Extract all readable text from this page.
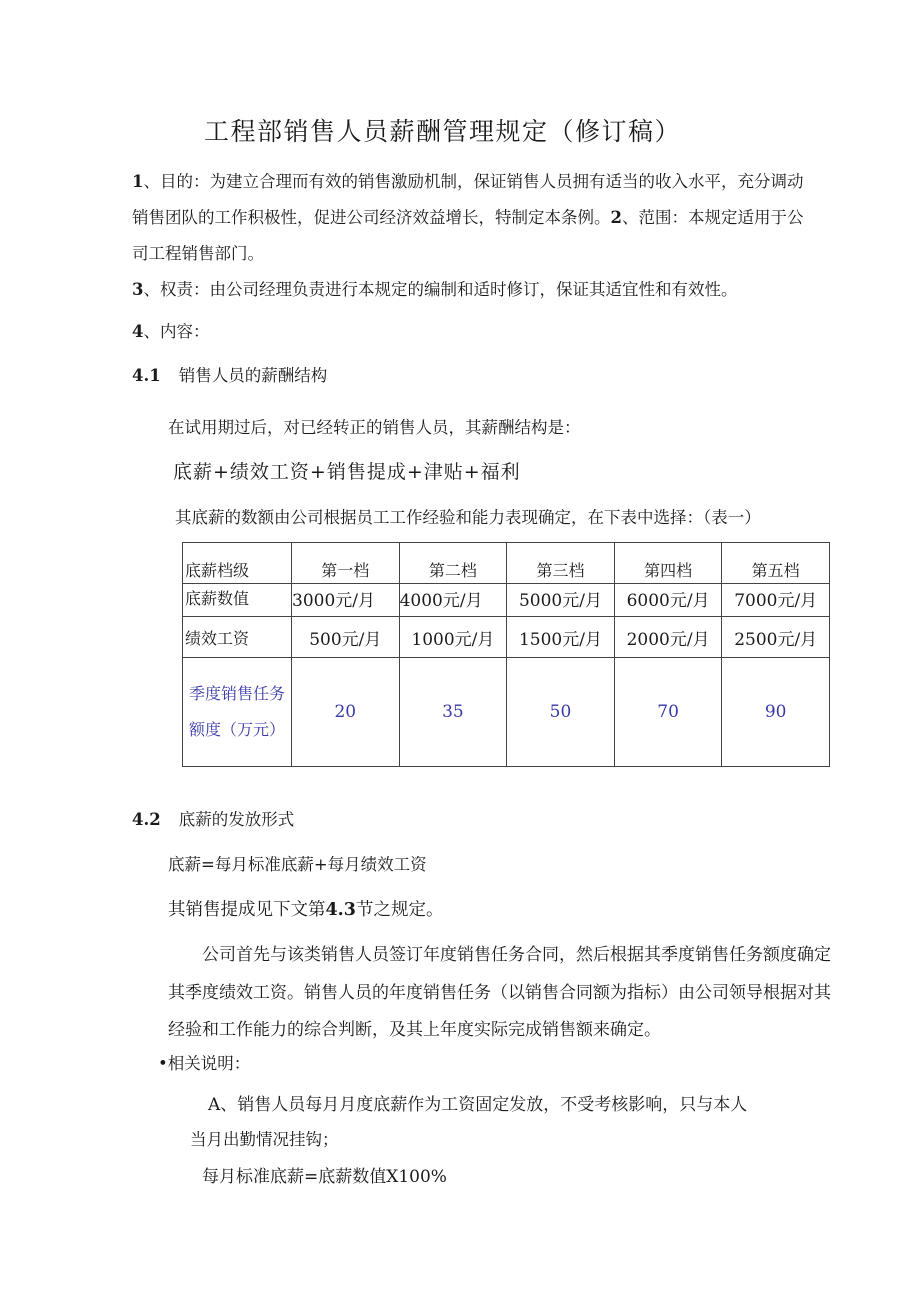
工程部销售人员薪酬管理规定（修订稿）
1、目的：为建立合理而有效的销售激励机制，保证销售人员拥有适当的收入水平，充分调动
销售团队的工作积极性，促进公司经济效益增长，特制定本条例。2、范围：本规定适用于公
司工程销售部门。
3、权责：由公司经理负责进行本规定的编制和适时修订，保证其适宜性和有效性。
4、内容：
4.1 销售人员的薪酬结构
在试用期过后，对已经转正的销售人员，其薪酬结构是：
底薪+绩效工资+销售提成+津贴+福利
其底薪的数额由公司根据员工工作经验和能力表现确定，在下表中选择：（表一）
底薪档级	第一档	第二档	第三档	第四档	第五档
底薪数值	3000元/月	4000元/月	5000元/月	6000元/月	7000元/月
绩效工资	500元/月	1000元/月	1500元/月	2000元/月	2500元/月
季度销售任务额度（万元）	20	35	50	70	90
4.2 底薪的发放形式
底薪=每月标准底薪+每月绩效工资
其销售提成见下文第4.3节之规定。
公司首先与该类销售人员签订年度销售任务合同，然后根据其季度销售任务额度确定
其季度绩效工资。销售人员的年度销售任务（以销售合同额为指标）由公司领导根据对其
经验和工作能力的综合判断，及其上年度实际完成销售额来确定。
•相关说明：
A、销售人员每月月度底薪作为工资固定发放，不受考核影响，只与本人
当月出勤情况挂钩；
每月标准底薪=底薪数值X100%
